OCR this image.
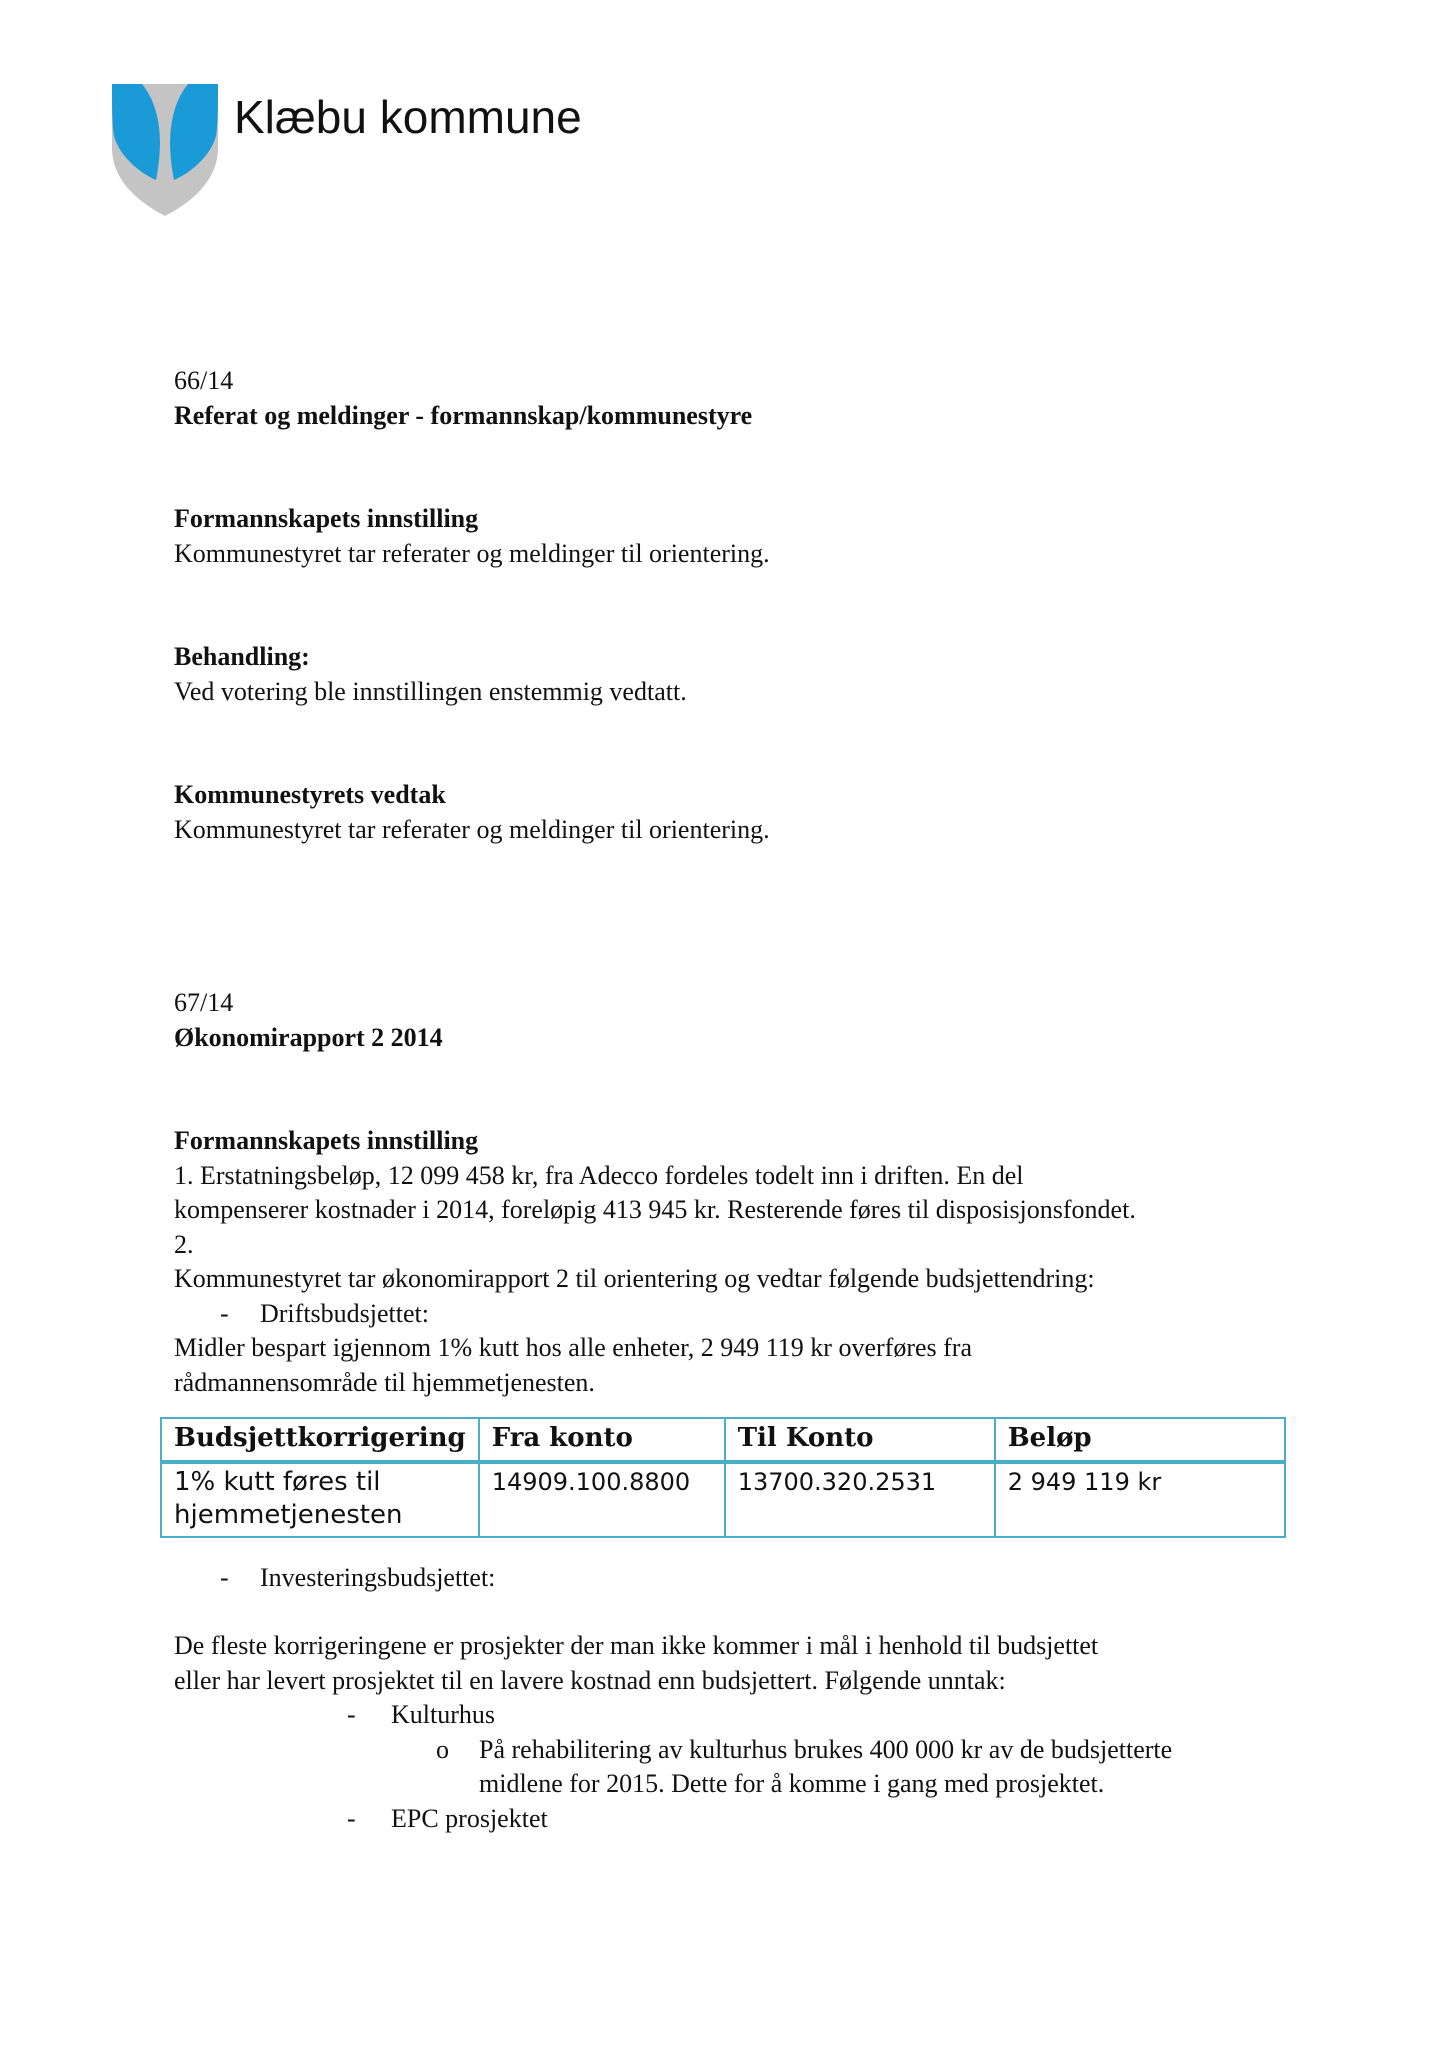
Klæbu kommune

66/14

Referat og meldinger - formannskap/kommunestyre

Formannskapets innstilling

Kommunestyret tar referater og meldinger til orientering.

Behandling:

Ved votering ble innstillingen enstemmig vedtatt.

Kommunestyrets vedtak

Kommunestyret tar referater og meldinger til orientering.

67/14

Økonomirapport 2 2014

Formannskapets innstilling

1. Erstatningsbeløp, 12 099 458 kr, fra Adecco fordeles todelt inn i driften. En del

kompenserer kostnader i 2014, foreløpig 413 945 kr. Resterende føres til disposisjonsfondet.

2.

Kommunestyret tar økonomirapport 2 til orientering og vedtar følgende budsjettendring:

- Driftsbudsjettet:

Midler bespart igjennom 1% kutt hos alle enheter, 2 949 119 kr overføres fra

rådmannensområde til hjemmetjenesten.

Budsjettkorrigering	Fra konto	Til Konto	Beløp

1% kutt føres til
hjemmetjenesten	14909.100.8800	13700.320.2531	2 949 119 kr
- Investeringsbudsjettet:

De fleste korrigeringene er prosjekter der man ikke kommer i mål i henhold til budsjettet

eller har levert prosjektet til en lavere kostnad enn budsjettert. Følgende unntak:

- Kulturhus
o På rehabilitering av kulturhus brukes 400 000 kr av de budsjetterte
midlene for 2015. Dette for å komme i gang med prosjektet.
- EPC prosjektet
